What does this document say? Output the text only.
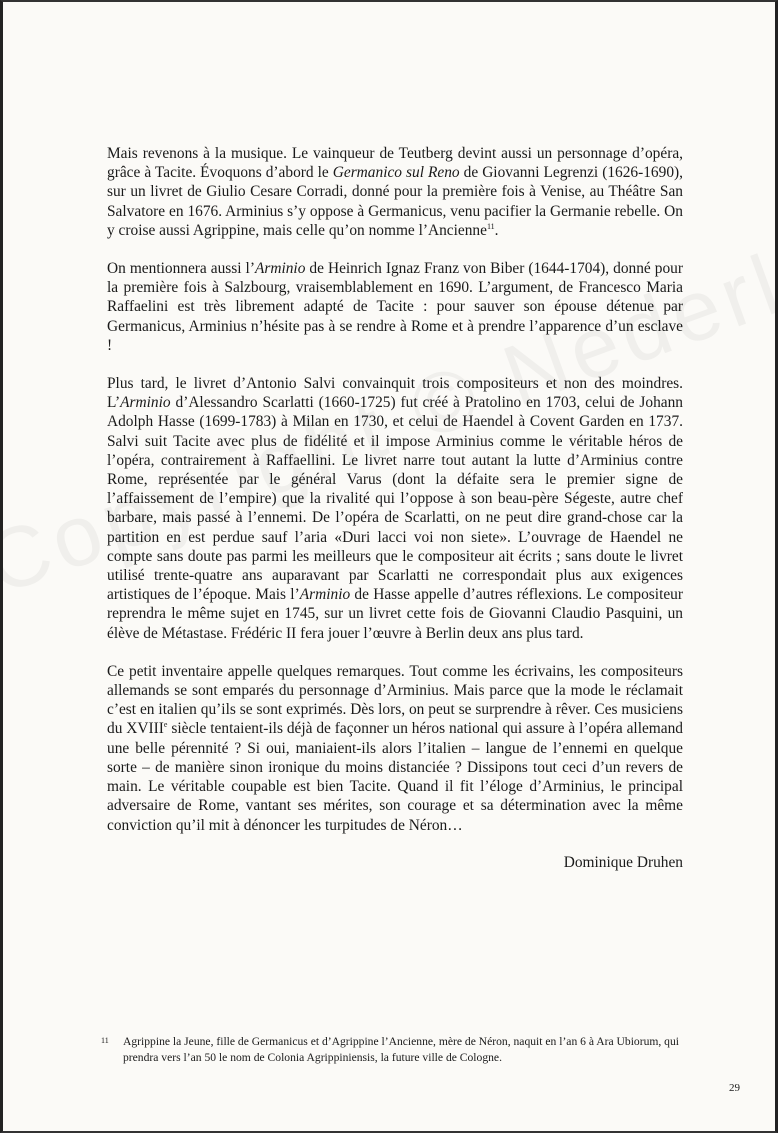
Mais revenons à la musique. Le vainqueur de Teutberg devint aussi un personnage d’opéra, grâce à Tacite. Évoquons d’abord le Germanico sul Reno de Giovanni Legrenzi (1626-1690), sur un livret de Giulio Cesare Corradi, donné pour la première fois à Venise, au Théâtre San Salvatore en 1676. Arminius s’y oppose à Germanicus, venu pacifier la Germanie rebelle. On y croise aussi Agrippine, mais celle qu’on nomme l’Ancienne$^{11}$.

On mentionnera aussi l’Arminio de Heinrich Ignaz Franz von Biber (1644-1704), donné pour la première fois à Salzbourg, vraisemblablement en 1690. L’argument, de Francesco Maria Raffaelini est très librement adapté de Tacite : pour sauver son épouse détenue par Germanicus, Arminius n’hésite pas à se rendre à Rome et à prendre l’apparence d’un esclave !

Plus tard, le livret d’Antonio Salvi convainquit trois compositeurs et non des moindres. L’Arminio d’Alessandro Scarlatti (1660-1725) fut créé à Pratolino en 1703, celui de Johann Adolph Hasse (1699-1783) à Milan en 1730, et celui de Haendel à Covent Garden en 1737. Salvi suit Tacite avec plus de fidélité et il impose Arminius comme le véritable héros de l’opéra, contrairement à Raffaellini. Le livret narre tout autant la lutte d’Arminius contre Rome, représentée par le général Varus (dont la défaite sera le premier signe de l’affaissement de l’empire) que la rivalité qui l’oppose à son beau-père Ségeste, autre chef barbare, mais passé à l’ennemi. De l’opéra de Scarlatti, on ne peut dire grand-chose car la partition en est perdue sauf l’aria «Duri lacci voi non siete». L’ouvrage de Haendel ne compte sans doute pas parmi les meilleurs que le compositeur ait écrits ; sans doute le livret utilisé trente-quatre ans auparavant par Scarlatti ne correspondait plus aux exigences artistiques de l’époque. Mais l’Arminio de Hasse appelle d’autres réflexions. Le compositeur reprendra le même sujet en 1745, sur un livret cette fois de Giovanni Claudio Pasquini, un élève de Métastase. Frédéric II fera jouer l’œuvre à Berlin deux ans plus tard.

Ce petit inventaire appelle quelques remarques. Tout comme les écrivains, les compositeurs allemands se sont emparés du personnage d’Arminius. Mais parce que la mode le réclamait c’est en italien qu’ils se sont exprimés. Dès lors, on peut se surprendre à rêver. Ces musiciens du XVIIIe siècle tentaient-ils déjà de façonner un héros national qui assure à l’opéra allemand une belle pérennité ? Si oui, maniaient-ils alors l’italien – langue de l’ennemi en quelque sorte – de manière sinon ironique du moins distanciée ? Dissipons tout ceci d’un revers de main. Le véritable coupable est bien Tacite. Quand il fit l’éloge d’Arminius, le principal adversaire de Rome, vantant ses mérites, son courage et sa détermination avec la même conviction qu’il mit à dénoncer les turpitudes de Néron…

Dominique Druhen
11	Agrippine la Jeune, fille de Germanicus et d’Agrippine l’Ancienne, mère de Néron, naquit en l’an 6 à Ara Ubiorum, qui prendra vers l’an 50 le nom de Colonia Agrippiniensis, la future ville de Cologne.
29
